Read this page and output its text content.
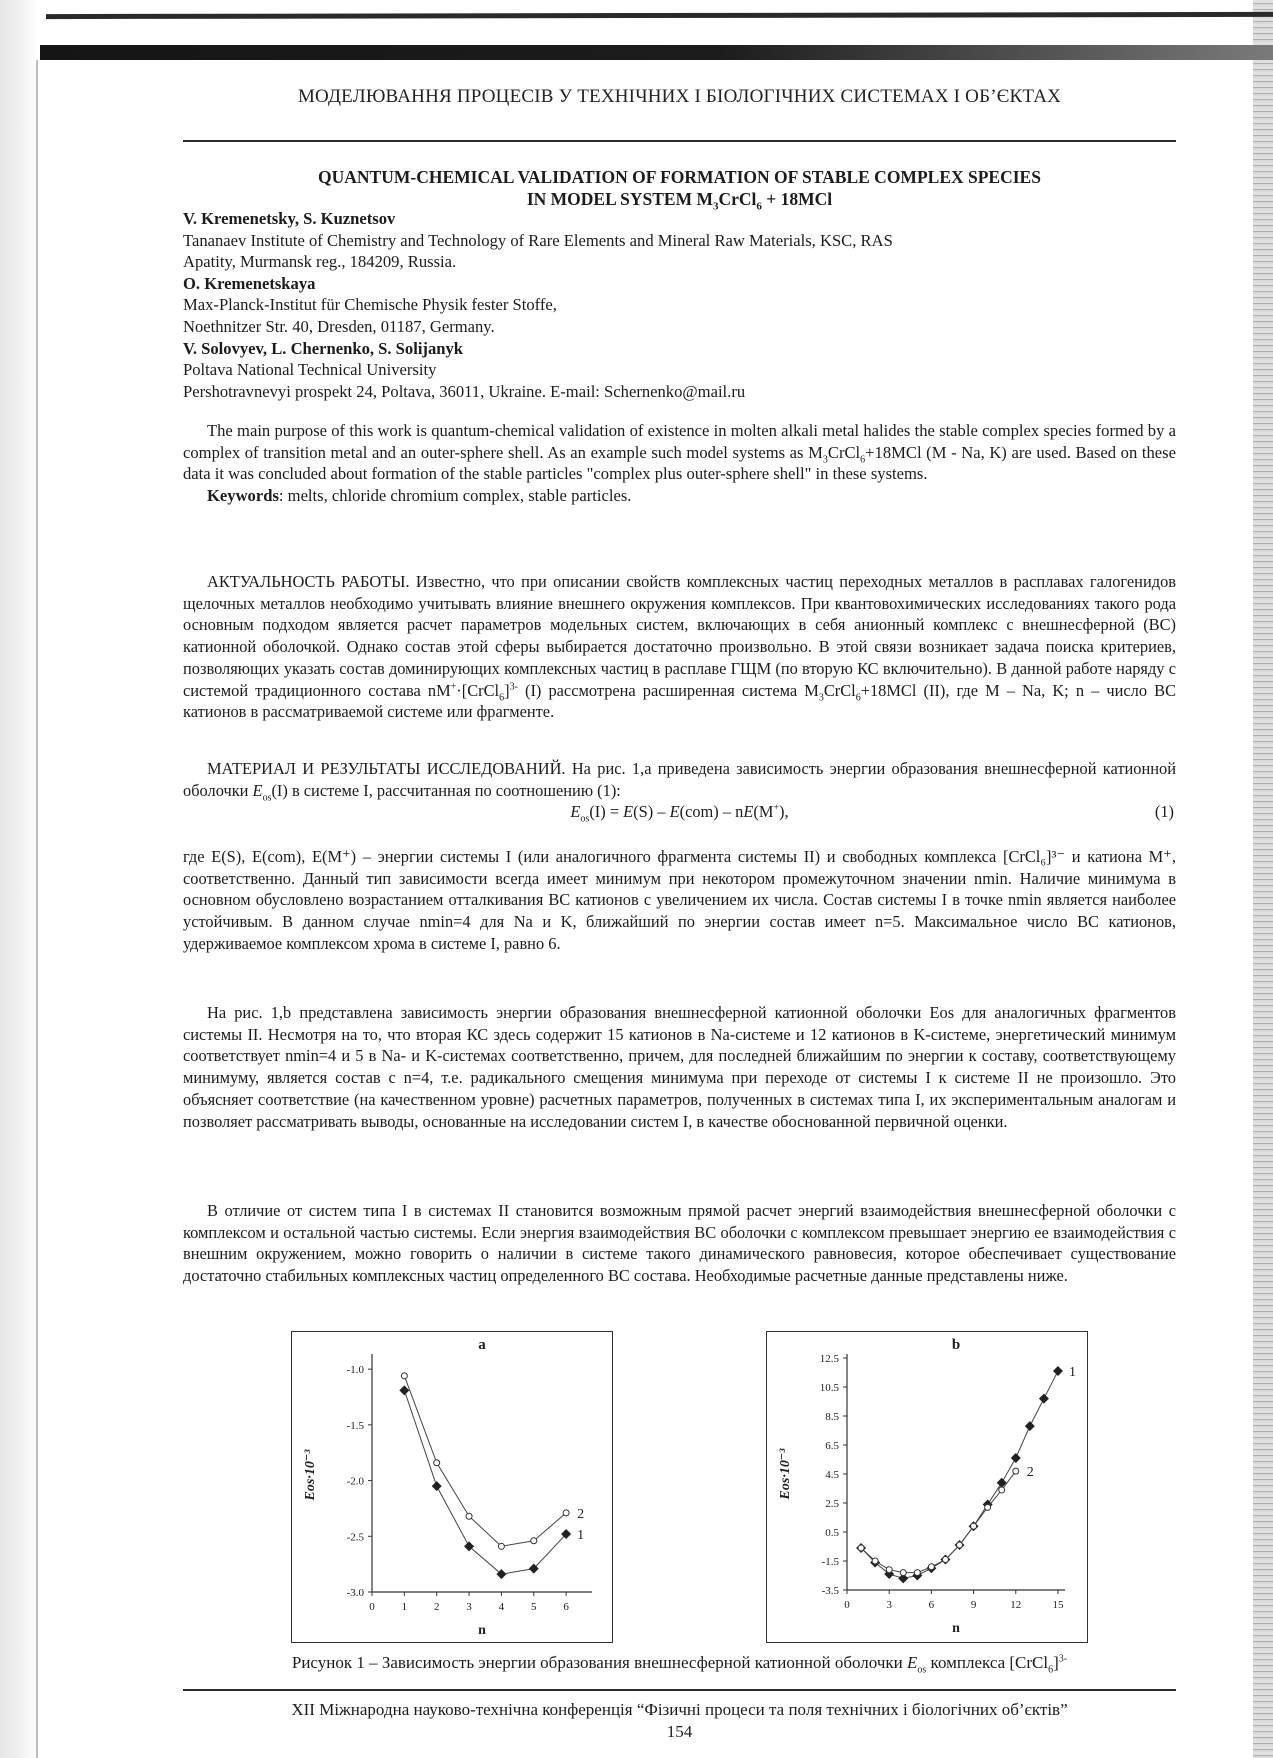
МОДЕЛЮВАННЯ ПРОЦЕСІВ У ТЕХНІЧНИХ І БІОЛОГІЧНИХ СИСТЕМАХ І ОБ’ЄКТАХ
QUANTUM-CHEMICAL VALIDATION OF FORMATION OF STABLE COMPLEX SPECIES
IN MODEL SYSTEM $M_3CrCl_6 + 18MCl$
V. Kremenetsky, S. Kuznetsov
Tananaev Institute of Chemistry and Technology of Rare Elements and Mineral Raw Materials, KSC, RAS
Apatity, Murmansk reg., 184209, Russia.
O. Kremenetskaya
Max-Planck-Institut für Chemische Physik fester Stoffe,
Noethnitzer Str. 40, Dresden, 01187, Germany.
V. Solovyev, L. Chernenko, S. Solijanyk
Poltava National Technical University
Pershotravnevyi prospekt 24, Poltava, 36011, Ukraine. E-mail: Schernenko@mail.ru
The main purpose of this work is quantum-chemical validation of existence in molten alkali metal halides the stable complex species formed by a complex of transition metal and an outer-sphere shell. As an example such model systems as $M_3CrCl_6+18MCl$ (M - Na, K) are used. Based on these data it was concluded about formation of the stable particles "complex plus outer-sphere shell" in these systems.
Keywords: melts, chloride chromium complex, stable particles.
АКТУАЛЬНОСТЬ РАБОТЫ. Известно, что при описании свойств комплексных частиц переходных металлов в расплавах галогенидов щелочных металлов необходимо учитывать влияние внешнего окружения комплексов. При квантовохимических исследованиях такого рода основным подходом является расчет параметров модельных систем, включающих в себя анионный комплекс с внешнесферной (ВС) катионной оболочкой. Однако состав этой сферы выбирается достаточно произвольно. В этой связи возникает задача поиска критериев, позволяющих указать состав доминирующих комплексных частиц в расплаве ГЩМ (по вторую КС включительно). В данной работе наряду с системой традиционного состава nM+·[CrCl$_6$]$^{3-}$ (I) рассмотрена расширенная система $M_3CrCl_6+18MCl$ (II), где M – Na, K; n – число ВС катионов в рассматриваемой системе или фрагменте.
МАТЕРИАЛ И РЕЗУЛЬТАТЫ ИССЛЕДОВАНИЙ. На рис. 1,а приведена зависимость энергии образования внешнесферной катионной оболочки $E_{os}(I)$ в системе I, рассчитанная по соотношению (1):
$E_{os}(I) = E(S) - E(com) - nE(M^+)$,	(1)
где E(S), E(com), E(M⁺) – энергии системы I (или аналогичного фрагмента системы II) и свободных комплекса [CrCl₆]³⁻ и катиона M⁺, соответственно. Данный тип зависимости всегда имеет минимум при некотором промежуточном значении nmin. Наличие минимума в основном обусловлено возрастанием отталкивания ВС катионов с увеличением их числа. Состав системы I в точке nmin является наиболее устойчивым. В данном случае nmin=4 для Na и K, ближайший по энергии состав имеет n=5. Максимальное число ВС катионов, удерживаемое комплексом хрома в системе I, равно 6.
На рис. 1,b представлена зависимость энергии образования внешнесферной катионной оболочки Eos для аналогичных фрагментов системы II. Несмотря на то, что вторая КС здесь содержит 15 катионов в Na-системе и 12 катионов в K-системе, энергетический минимум соответствует nmin=4 и 5 в Na- и K-системах соответственно, причем, для последней ближайшим по энергии к составу, соответствующему минимуму, является состав с n=4, т.е. радикального смещения минимума при переходе от системы I к системе II не произошло. Это объясняет соответствие (на качественном уровне) расчетных параметров, полученных в системах типа I, их экспериментальным аналогам и позволяет рассматривать выводы, основанные на исследовании систем I, в качестве обоснованной первичной оценки.
В отличие от систем типа I в системах II становится возможным прямой расчет энергий взаимодействия внешнесферной оболочки с комплексом и остальной частью системы. Если энергия взаимодействия ВС оболочки с комплексом превышает энергию ее взаимодействия с внешним окружением, можно говорить о наличии в системе такого динамического равновесия, которое обеспечивает существование достаточно стабильных комплексных частиц определенного ВС состава. Необходимые расчетные данные представлены ниже.
a
-1.0
-1.5
-2.0
-2.5
-3.0
0 1 2 3 4 5 6
n
Eos·10⁻³
1
2
b
12.5
10.5
8.5
6.5
4.5
2.5
0.5
-1.5
-3.5
0	3	6	9	12	15
n
Eos·10⁻³
1
2
Рисунок 1 – Зависимость энергии образования внешнесферной катионной оболочки $E_{os}$ комплекса [CrCl$_6$]$^{3-}$
XII Міжнародна науково-технічна конференція “Фізичні процеси та поля технічних і біологічних об’єктів”
154
